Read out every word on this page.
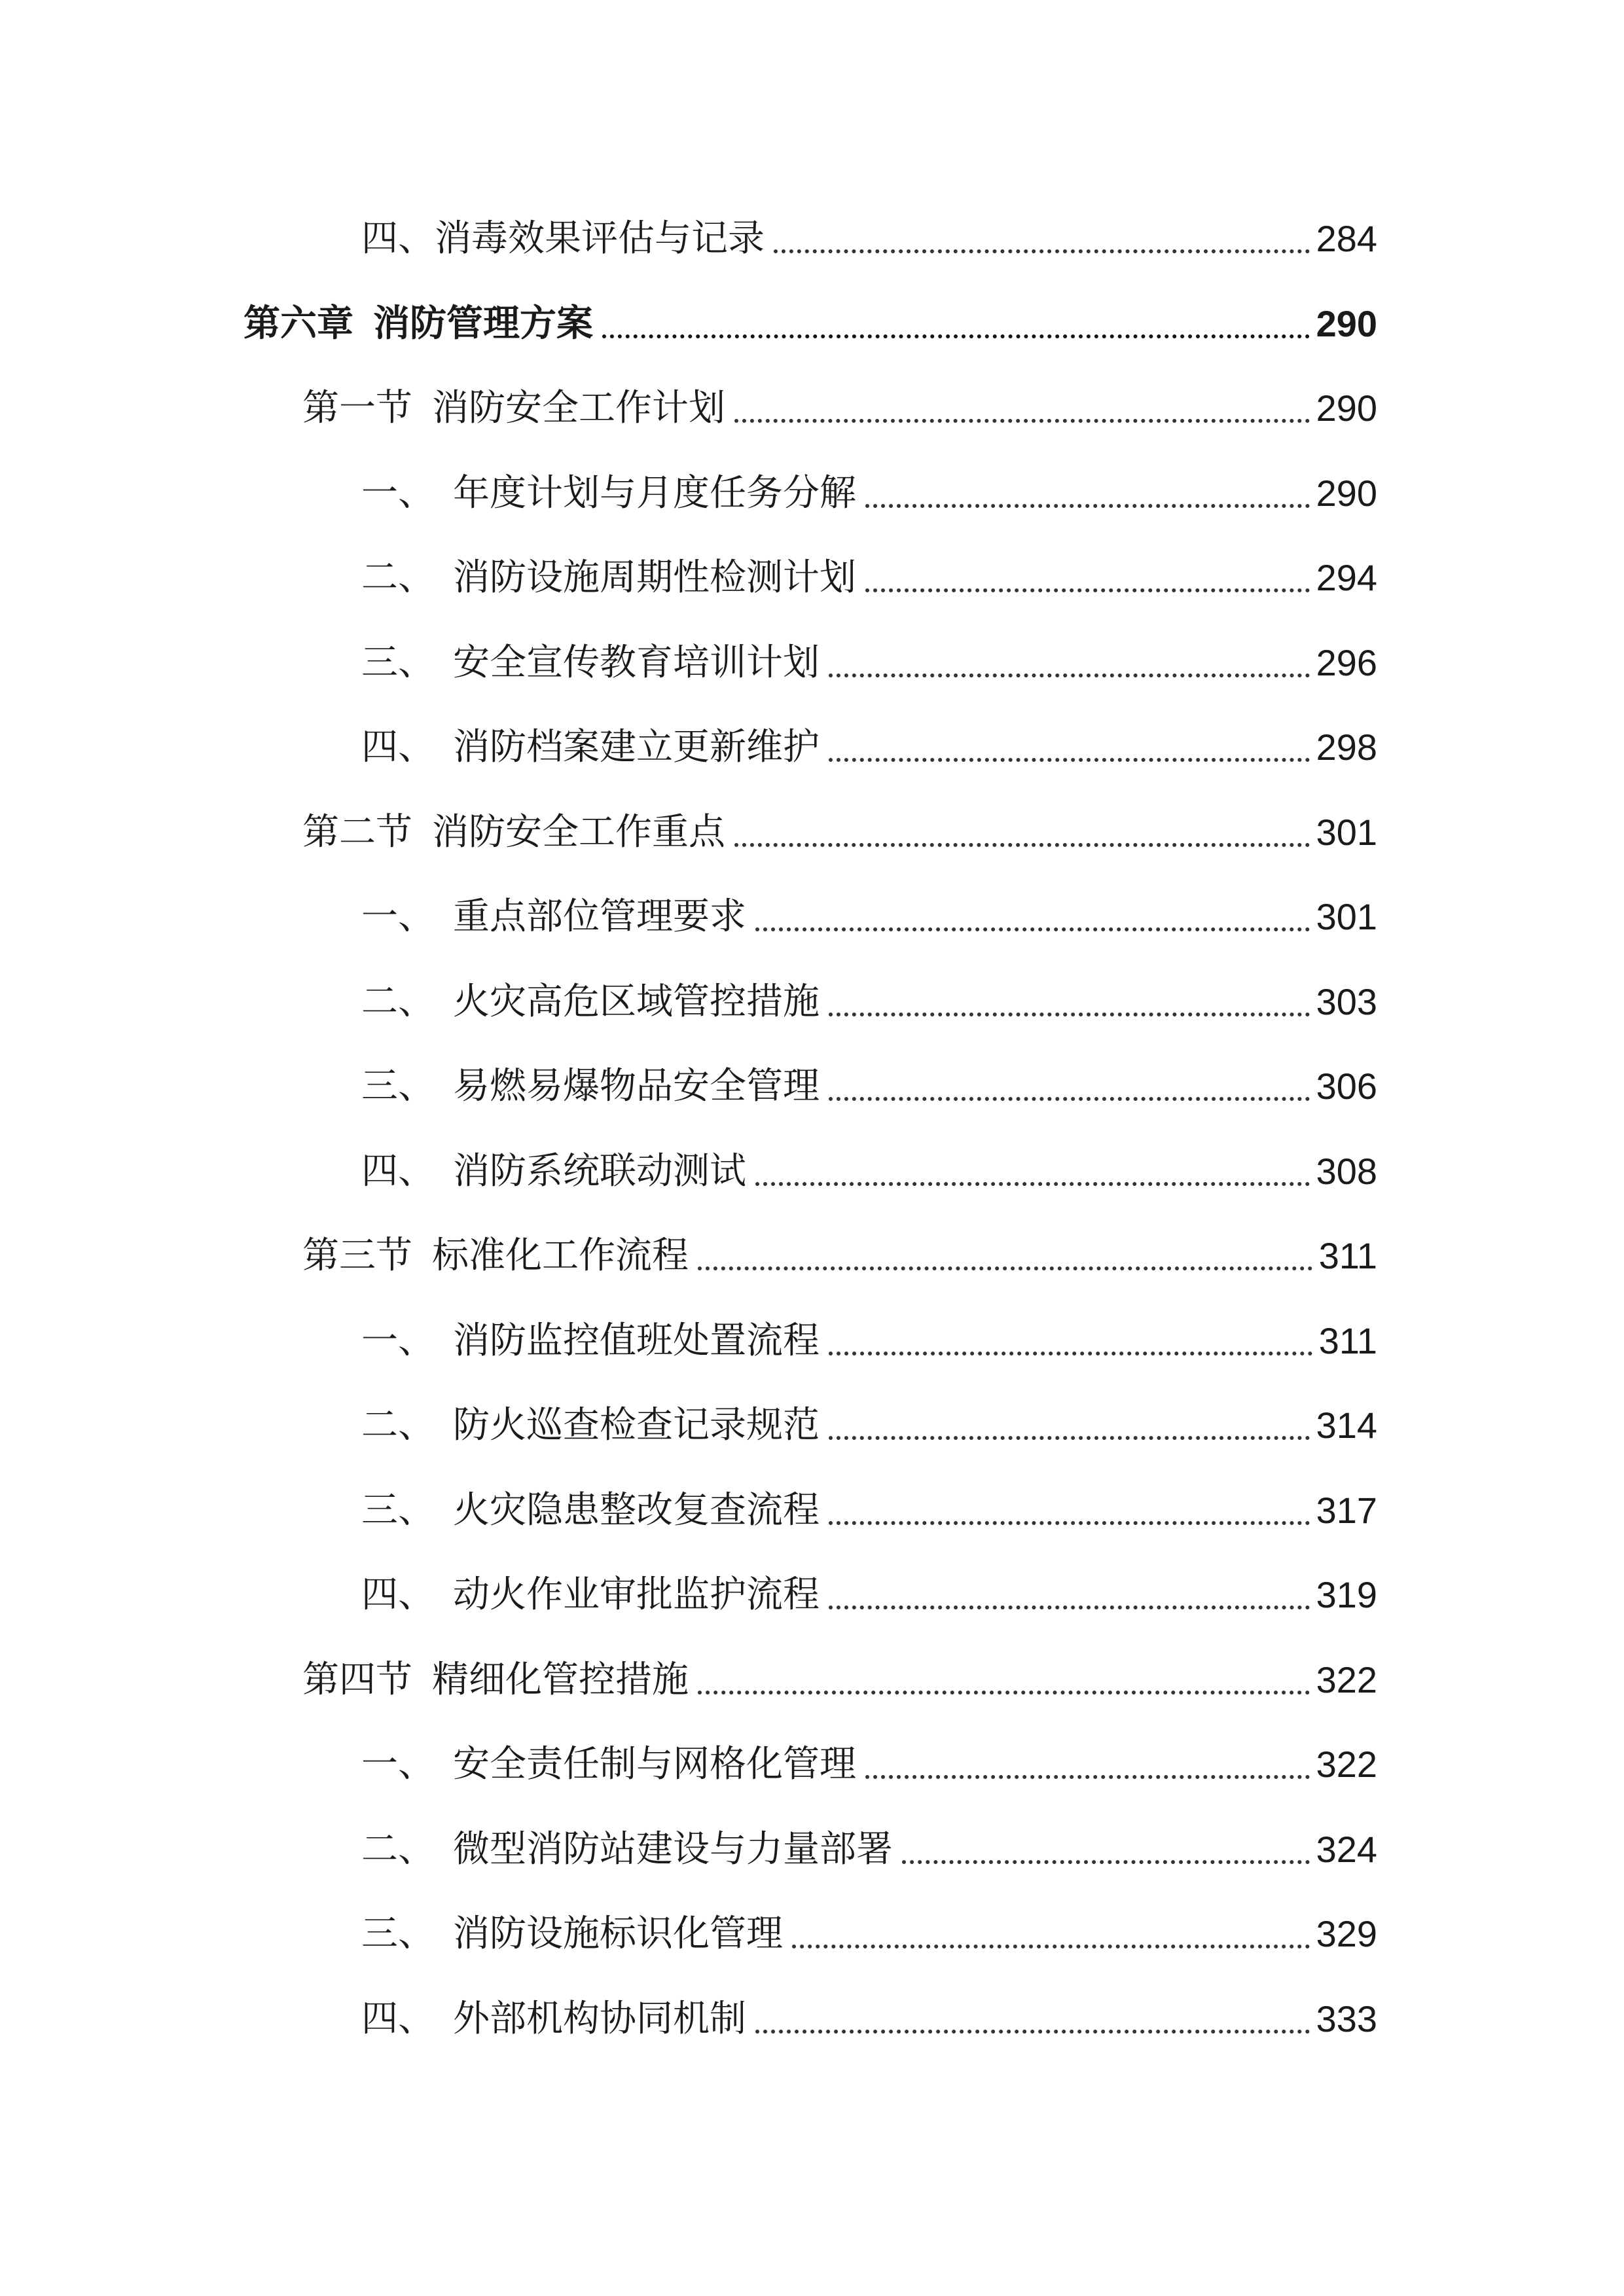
四、 消毒效果评估与记录	284
第六章 消防管理方案	290
第一节 消防安全工作计划	290
一、 年度计划与月度任务分解	290
二、 消防设施周期性检测计划	294
三、 安全宣传教育培训计划	296
四、 消防档案建立更新维护	298
第二节 消防安全工作重点	301
一、 重点部位管理要求	301
二、 火灾高危区域管控措施	303
三、 易燃易爆物品安全管理	306
四、 消防系统联动测试	308
第三节 标准化工作流程	311
一、 消防监控值班处置流程	311
二、 防火巡查检查记录规范	314
三、 火灾隐患整改复查流程	317
四、 动火作业审批监护流程	319
第四节 精细化管控措施	322
一、 安全责任制与网格化管理	322
二、 微型消防站建设与力量部署	324
三、 消防设施标识化管理	329
四、 外部机构协同机制	333
